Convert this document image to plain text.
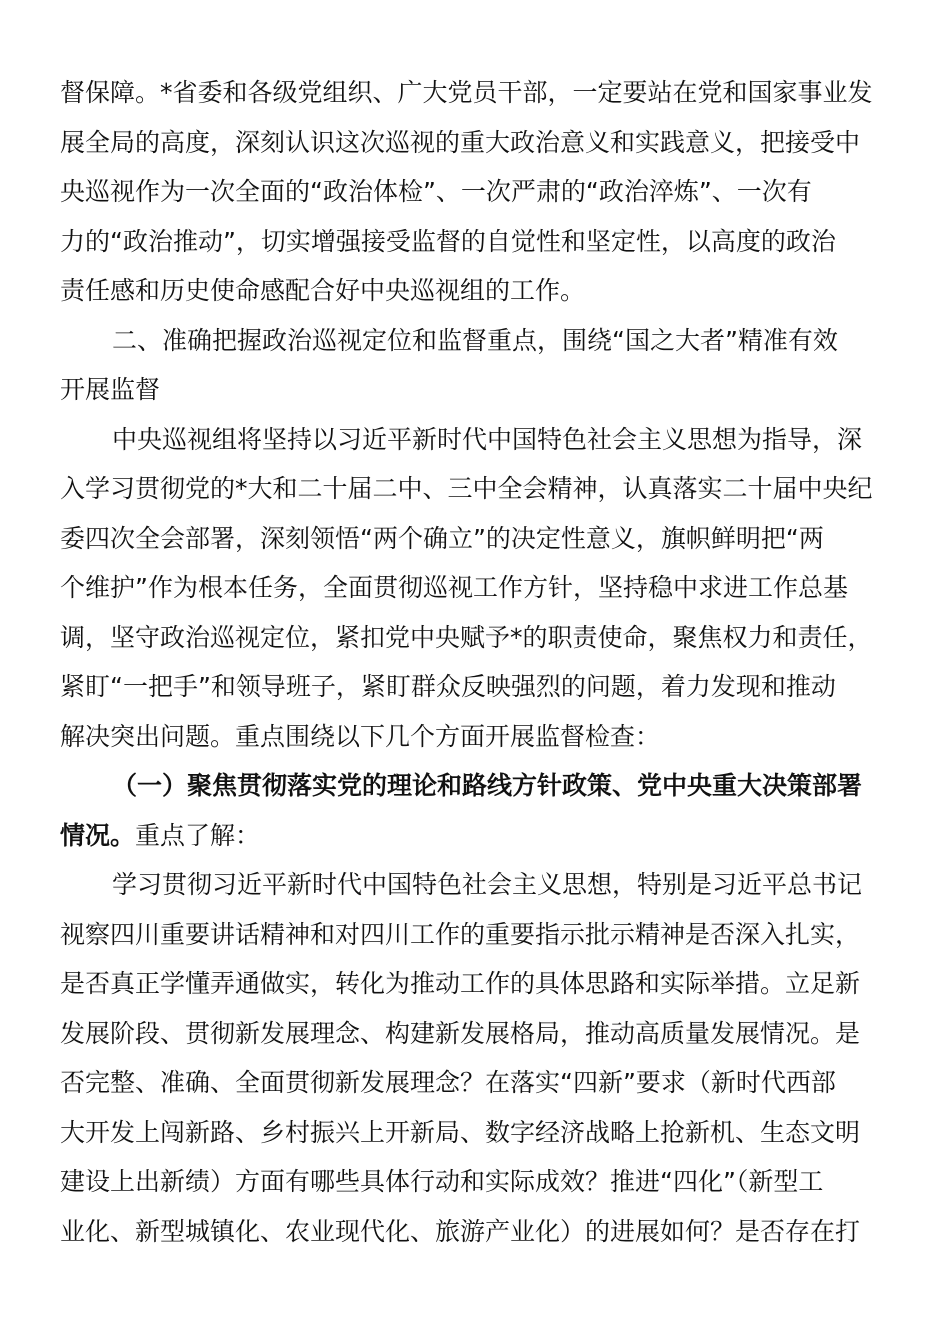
督保障。*省委和各级党组织、广大党员干部，一定要站在党和国家事业发
展全局的高度，深刻认识这次巡视的重大政治意义和实践意义，把接受中
央巡视作为一次全面的“政治体检”、一次严肃的“政治淬炼”、一次有
力的“政治推动”，切实增强接受监督的自觉性和坚定性，以高度的政治
责任感和历史使命感配合好中央巡视组的工作。
二、准确把握政治巡视定位和监督重点，围绕“国之大者”精准有效
开展监督
中央巡视组将坚持以习近平新时代中国特色社会主义思想为指导，深
入学习贯彻党的*大和二十届二中、三中全会精神，认真落实二十届中央纪
委四次全会部署，深刻领悟“两个确立”的决定性意义，旗帜鲜明把“两
个维护”作为根本任务，全面贯彻巡视工作方针，坚持稳中求进工作总基
调，坚守政治巡视定位，紧扣党中央赋予*的职责使命，聚焦权力和责任，
紧盯“一把手”和领导班子，紧盯群众反映强烈的问题，着力发现和推动
解决突出问题。重点围绕以下几个方面开展监督检查：
（一）聚焦贯彻落实党的理论和路线方针政策、党中央重大决策部署
情况。重点了解：
学习贯彻习近平新时代中国特色社会主义思想，特别是习近平总书记
视察四川重要讲话精神和对四川工作的重要指示批示精神是否深入扎实，
是否真正学懂弄通做实，转化为推动工作的具体思路和实际举措。立足新
发展阶段、贯彻新发展理念、构建新发展格局，推动高质量发展情况。是
否完整、准确、全面贯彻新发展理念？在落实“四新”要求（新时代西部
大开发上闯新路、乡村振兴上开新局、数字经济战略上抢新机、生态文明
建设上出新绩）方面有哪些具体行动和实际成效？推进“四化”（新型工
业化、新型城镇化、农业现代化、旅游产业化）的进展如何？是否存在打
